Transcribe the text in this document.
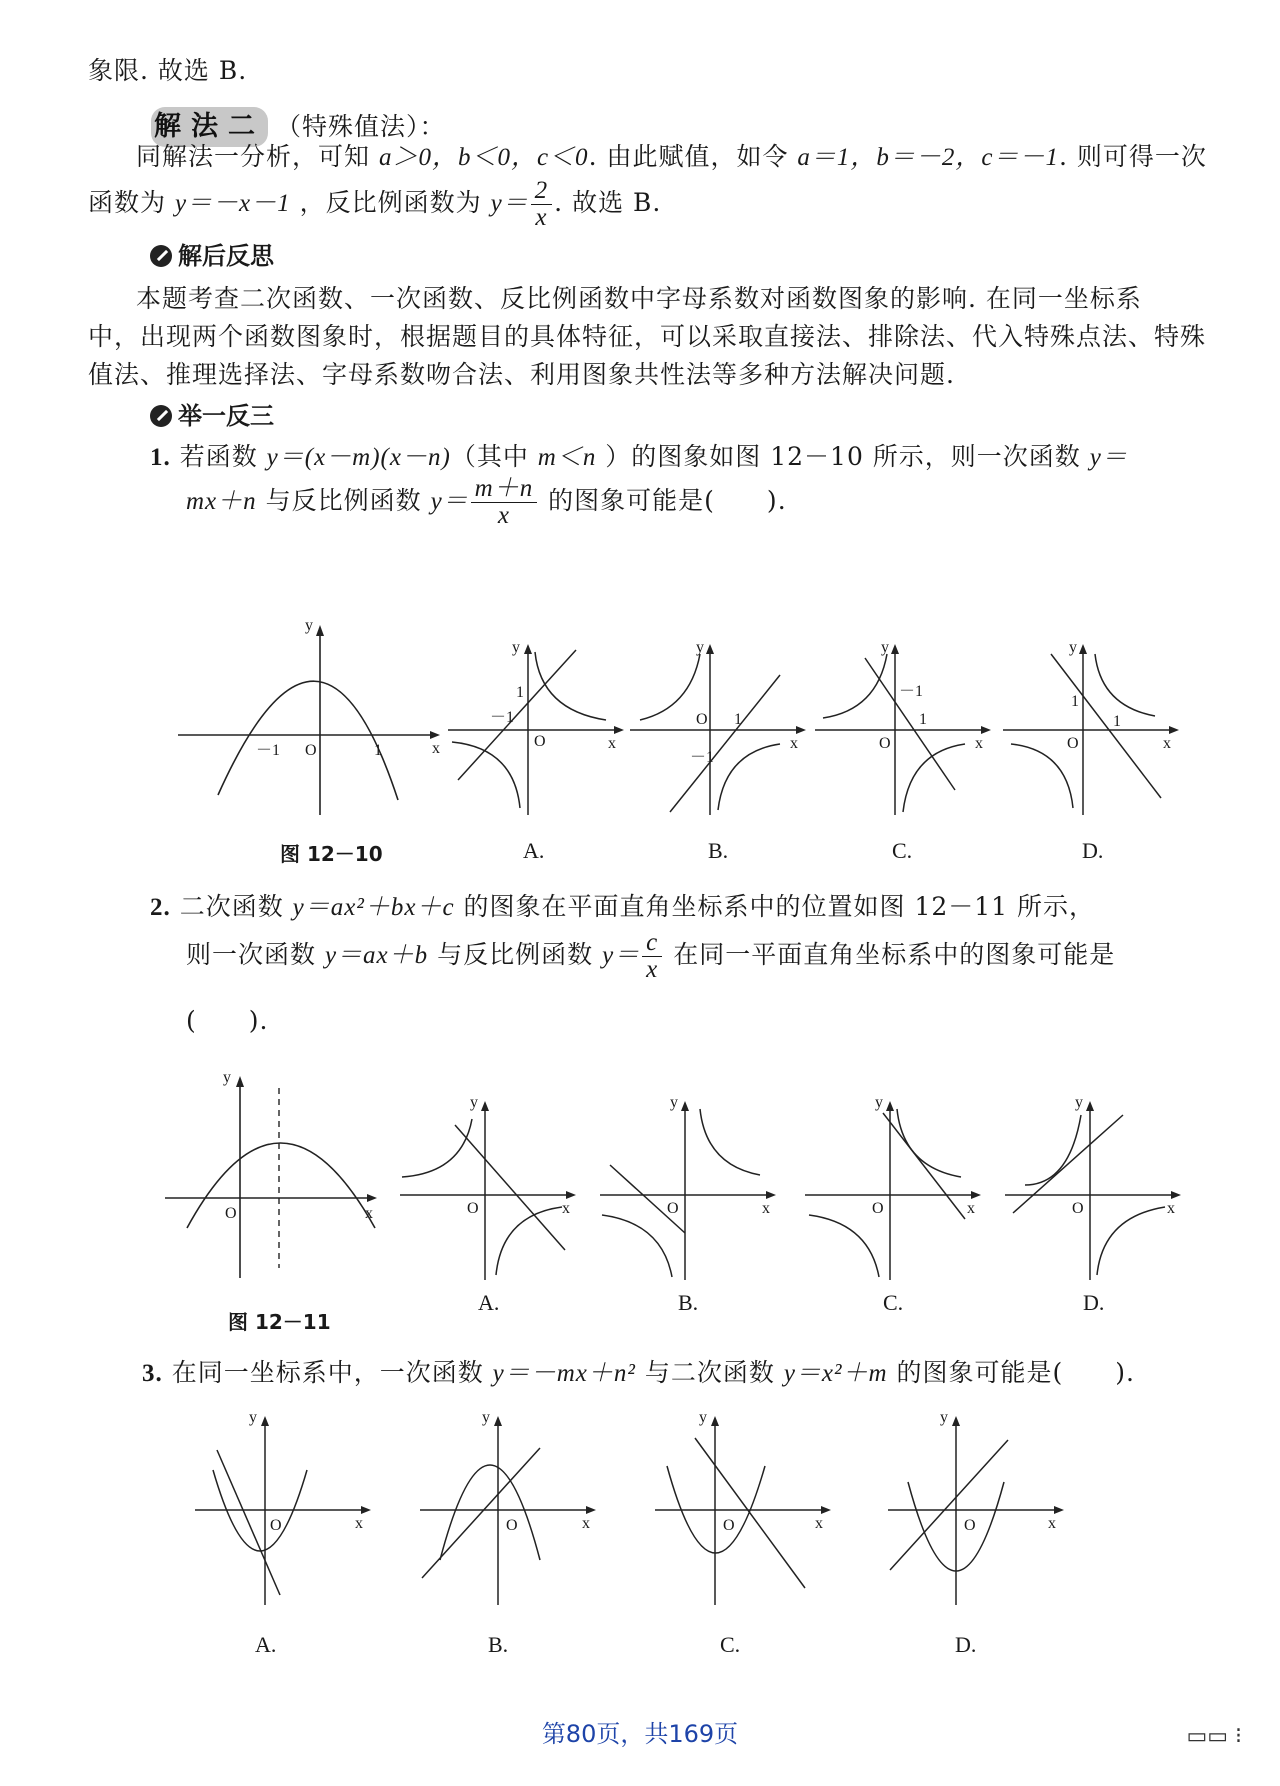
象限. 故选 B.
解法二 （特殊值法）：
同解法一分析，可知 a＞0，b＜0，c＜0. 由此赋值，如令 a＝1，b＝－2，c＝－1. 则可得一次
函数为 y＝－x－1 ，反比例函数为 $y= \frac{2}{x}$ . 故选 B.
解后反思
本题考查二次函数、一次函数、反比例函数中字母系数对函数图象的影响. 在同一坐标系
中，出现两个函数图象时，根据题目的具体特征，可以采取直接法、排除法、代入特殊点法、特殊
值法、推理选择法、字母系数吻合法、利用图象共性法等多种方法解决问题.
举一反三
1. 若函数 y＝(x－m)(x－n)（其中 m＜n ）的图象如图 12－10 所示，则一次函数 y＝
mx＋n 与反比例函数 $y= \frac{m+n}{x}$ 的图象可能是(　　).
y
x
O
－1	1
图 12－10
y
x
O
1
－1
A.
y
x
O 1
－1
B.
y
x
O
－1
1
C.
y
x
O
1
1
D.
2. 二次函数 y＝ax²＋bx＋c 的图象在平面直角坐标系中的位置如图 12－11 所示，
则一次函数 y＝ax＋b 与反比例函数 $y= \frac{c}{x}$ 在同一平面直角坐标系中的图象可能是
(　　).
y
x
O
图 12－11
y
x
O
A.
y
x
O
B.
y
x
O
C.
y
x
O
D.
3. 在同一坐标系中，一次函数 y＝－mx＋n² 与二次函数 y＝x²＋m 的图象可能是(　　).
y
x
O
A.
y
x
O
B.
y
x
O
C.
y
x
O
D.
第80页，共169页	▭▭ ⁝
